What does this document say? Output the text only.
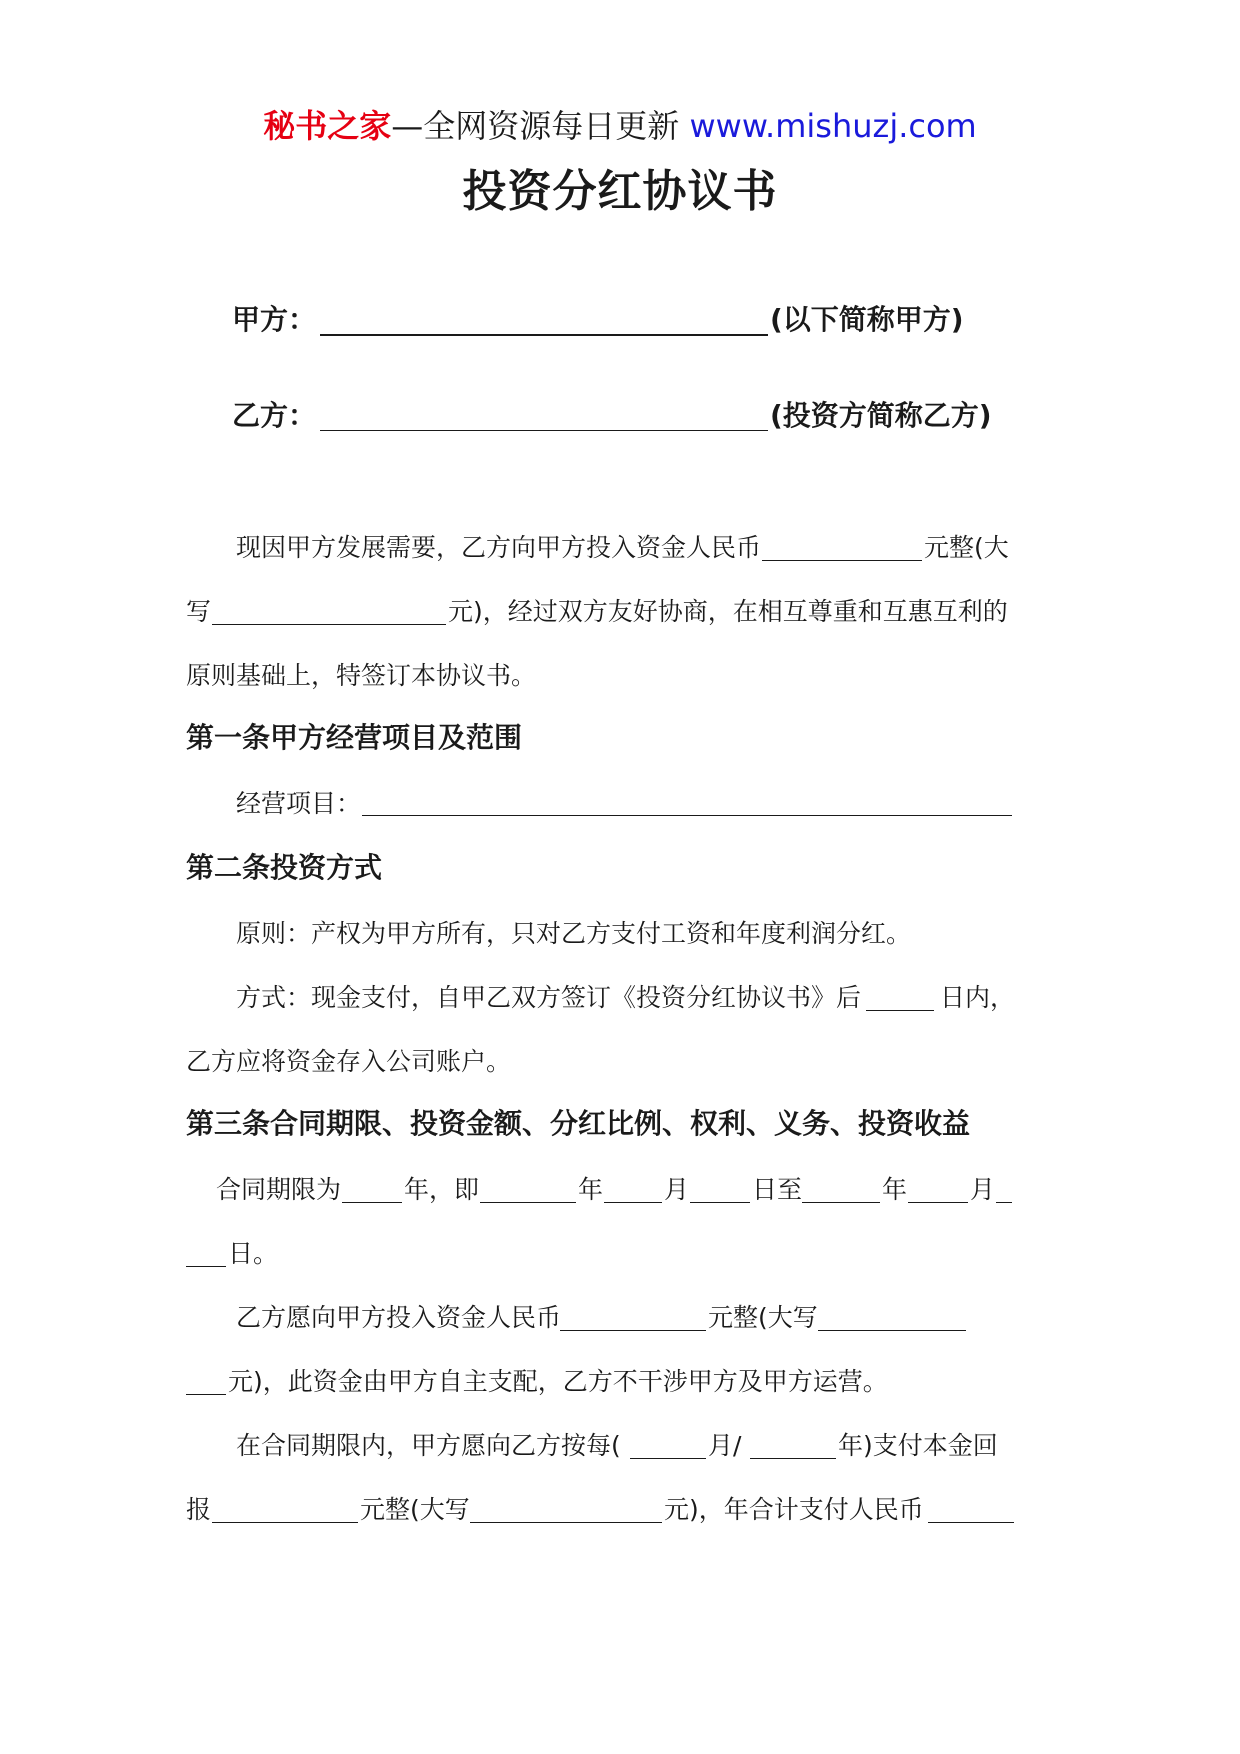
秘书之家—全网资源每日更新 www.mishuzj.com
投资分红协议书
甲方：	(以下简称甲方)
乙方：	(投资方简称乙方)
现因甲方发展需要，乙方向甲方投入资金人民币	元整(大
写	元)，经过双方友好协商，在相互尊重和互惠互利的
原则基础上，特签订本协议书。
第一条甲方经营项目及范围
经营项目：
第二条投资方式
原则：产权为甲方所有，只对乙方支付工资和年度利润分红。
方式：现金支付，自甲乙双方签订《投资分红协议书》后	日内，
乙方应将资金存入公司账户。
第三条合同期限、投资金额、分红比例、权利、义务、投资收益
合同期限为	年，即	年 月	日至	年	月
日。
乙方愿向甲方投入资金人民币	元整(大写
元)，此资金由甲方自主支配，乙方不干涉甲方及甲方运营。
在合同期限内，甲方愿向乙方按每(	月/	年)支付本金回
报	元整(大写	元)，年合计支付人民币
